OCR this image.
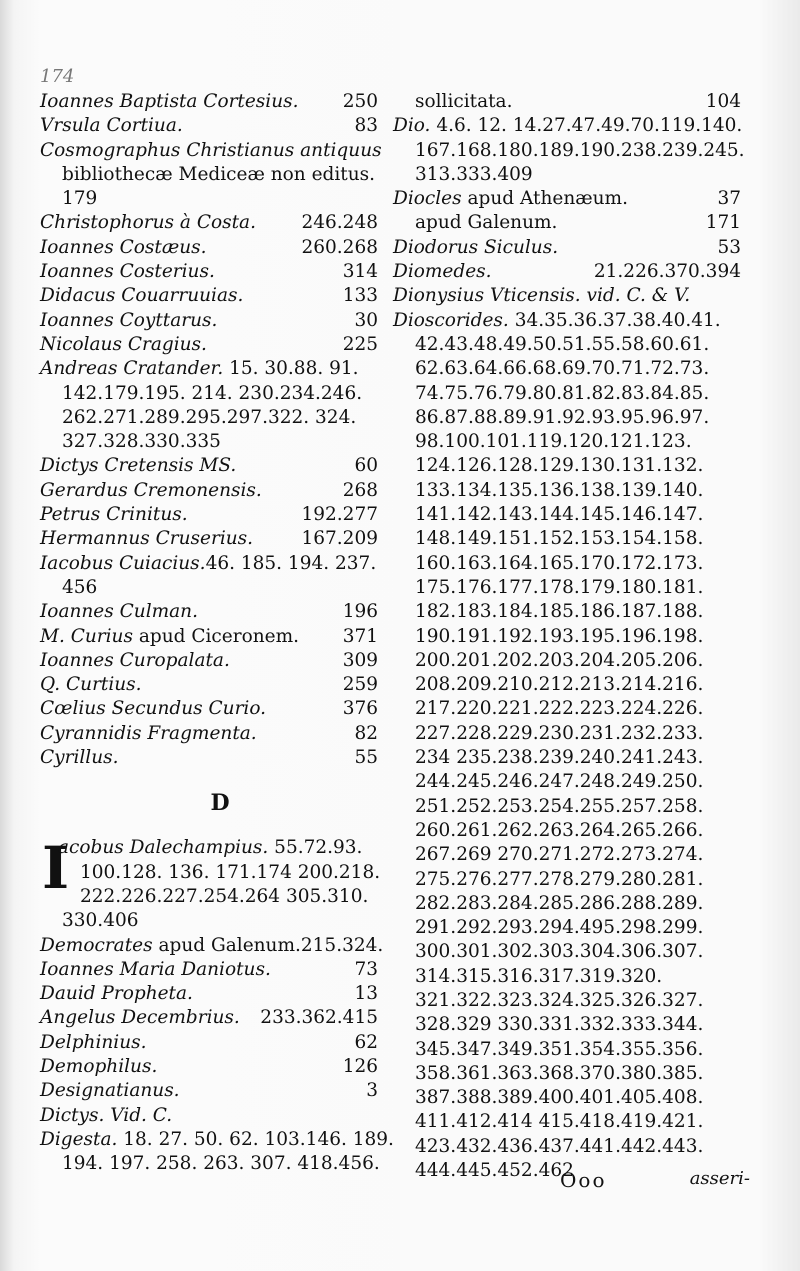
174
Ioannes Baptista Cortesius. 250
Vrsula Cortiua.	83
Cosmographus Christianus antiquus
bibliothecæ Mediceæ non editus.
179
Christophorus à Costa. 246.248
Ioannes Costæus.	260.268
Ioannes Costerius.	314
Didacus Couarruuias.	133
Ioannes Coyttarus.	30
Nicolaus Cragius.	225
Andreas Cratander. 15. 30.88. 91.
142.179.195. 214. 230.234.246.
262.271.289.295.297.322. 324.
327.328.330.335
Dictys Cretensis MS.	60
Gerardus Cremonensis.	268
Petrus Crinitus.	192.277
Hermannus Cruserius.	167.209
Iacobus Cuiacius.46. 185. 194. 237.
456
Ioannes Culman.	196
M. Curius apud Ciceronem. 371
Ioannes Curopalata.	309
Q. Curtius.	259
Cœlius Secundus Curio.	376
Cyrannidis Fragmenta.	82
Cyrillus.	55
D
I
acobus Dalechampius. 55.72.93.
100.128. 136. 171.174 200.218.
222.226.227.254.264 305.310.
330.406
Democrates apud Galenum.215.324.
Ioannes Maria Daniotus.	73
Dauid Propheta.	13
Angelus Decembrius. 233.362.415
Delphinius.	62
Demophilus.	126
Designatianus.	3
Dictys. Vid. C.
Digesta. 18. 27. 50. 62. 103.146. 189.
194. 197. 258. 263. 307. 418.456.
sollicitata.	104
Dio. 4.6. 12. 14.27.47.49.70.119.140.
167.168.180.189.190.238.239.245.
313.333.409
Diocles apud Athenæum.	37
apud Galenum.	171
Diodorus Siculus.	53
Diomedes.	21.226.370.394
Dionysius Vticensis. vid. C. & V.
Dioscorides. 34.35.36.37.38.40.41.
42.43.48.49.50.51.55.58.60.61.
62.63.64.66.68.69.70.71.72.73.
74.75.76.79.80.81.82.83.84.85.
86.87.88.89.91.92.93.95.96.97.
98.100.101.119.120.121.123.
124.126.128.129.130.131.132.
133.134.135.136.138.139.140.
141.142.143.144.145.146.147.
148.149.151.152.153.154.158.
160.163.164.165.170.172.173.
175.176.177.178.179.180.181.
182.183.184.185.186.187.188.
190.191.192.193.195.196.198.
200.201.202.203.204.205.206.
208.209.210.212.213.214.216.
217.220.221.222.223.224.226.
227.228.229.230.231.232.233.
234 235.238.239.240.241.243.
244.245.246.247.248.249.250.
251.252.253.254.255.257.258.
260.261.262.263.264.265.266.
267.269 270.271.272.273.274.
275.276.277.278.279.280.281.
282.283.284.285.286.288.289.
291.292.293.294.495.298.299.
300.301.302.303.304.306.307.
314.315.316.317.319.320.
321.322.323.324.325.326.327.
328.329 330.331.332.333.344.
345.347.349.351.354.355.356.
358.361.363.368.370.380.385.
387.388.389.400.401.405.408.
411.412.414 415.418.419.421.
423.432.436.437.441.442.443.
444.445.452.462
Ooo	asseri-
